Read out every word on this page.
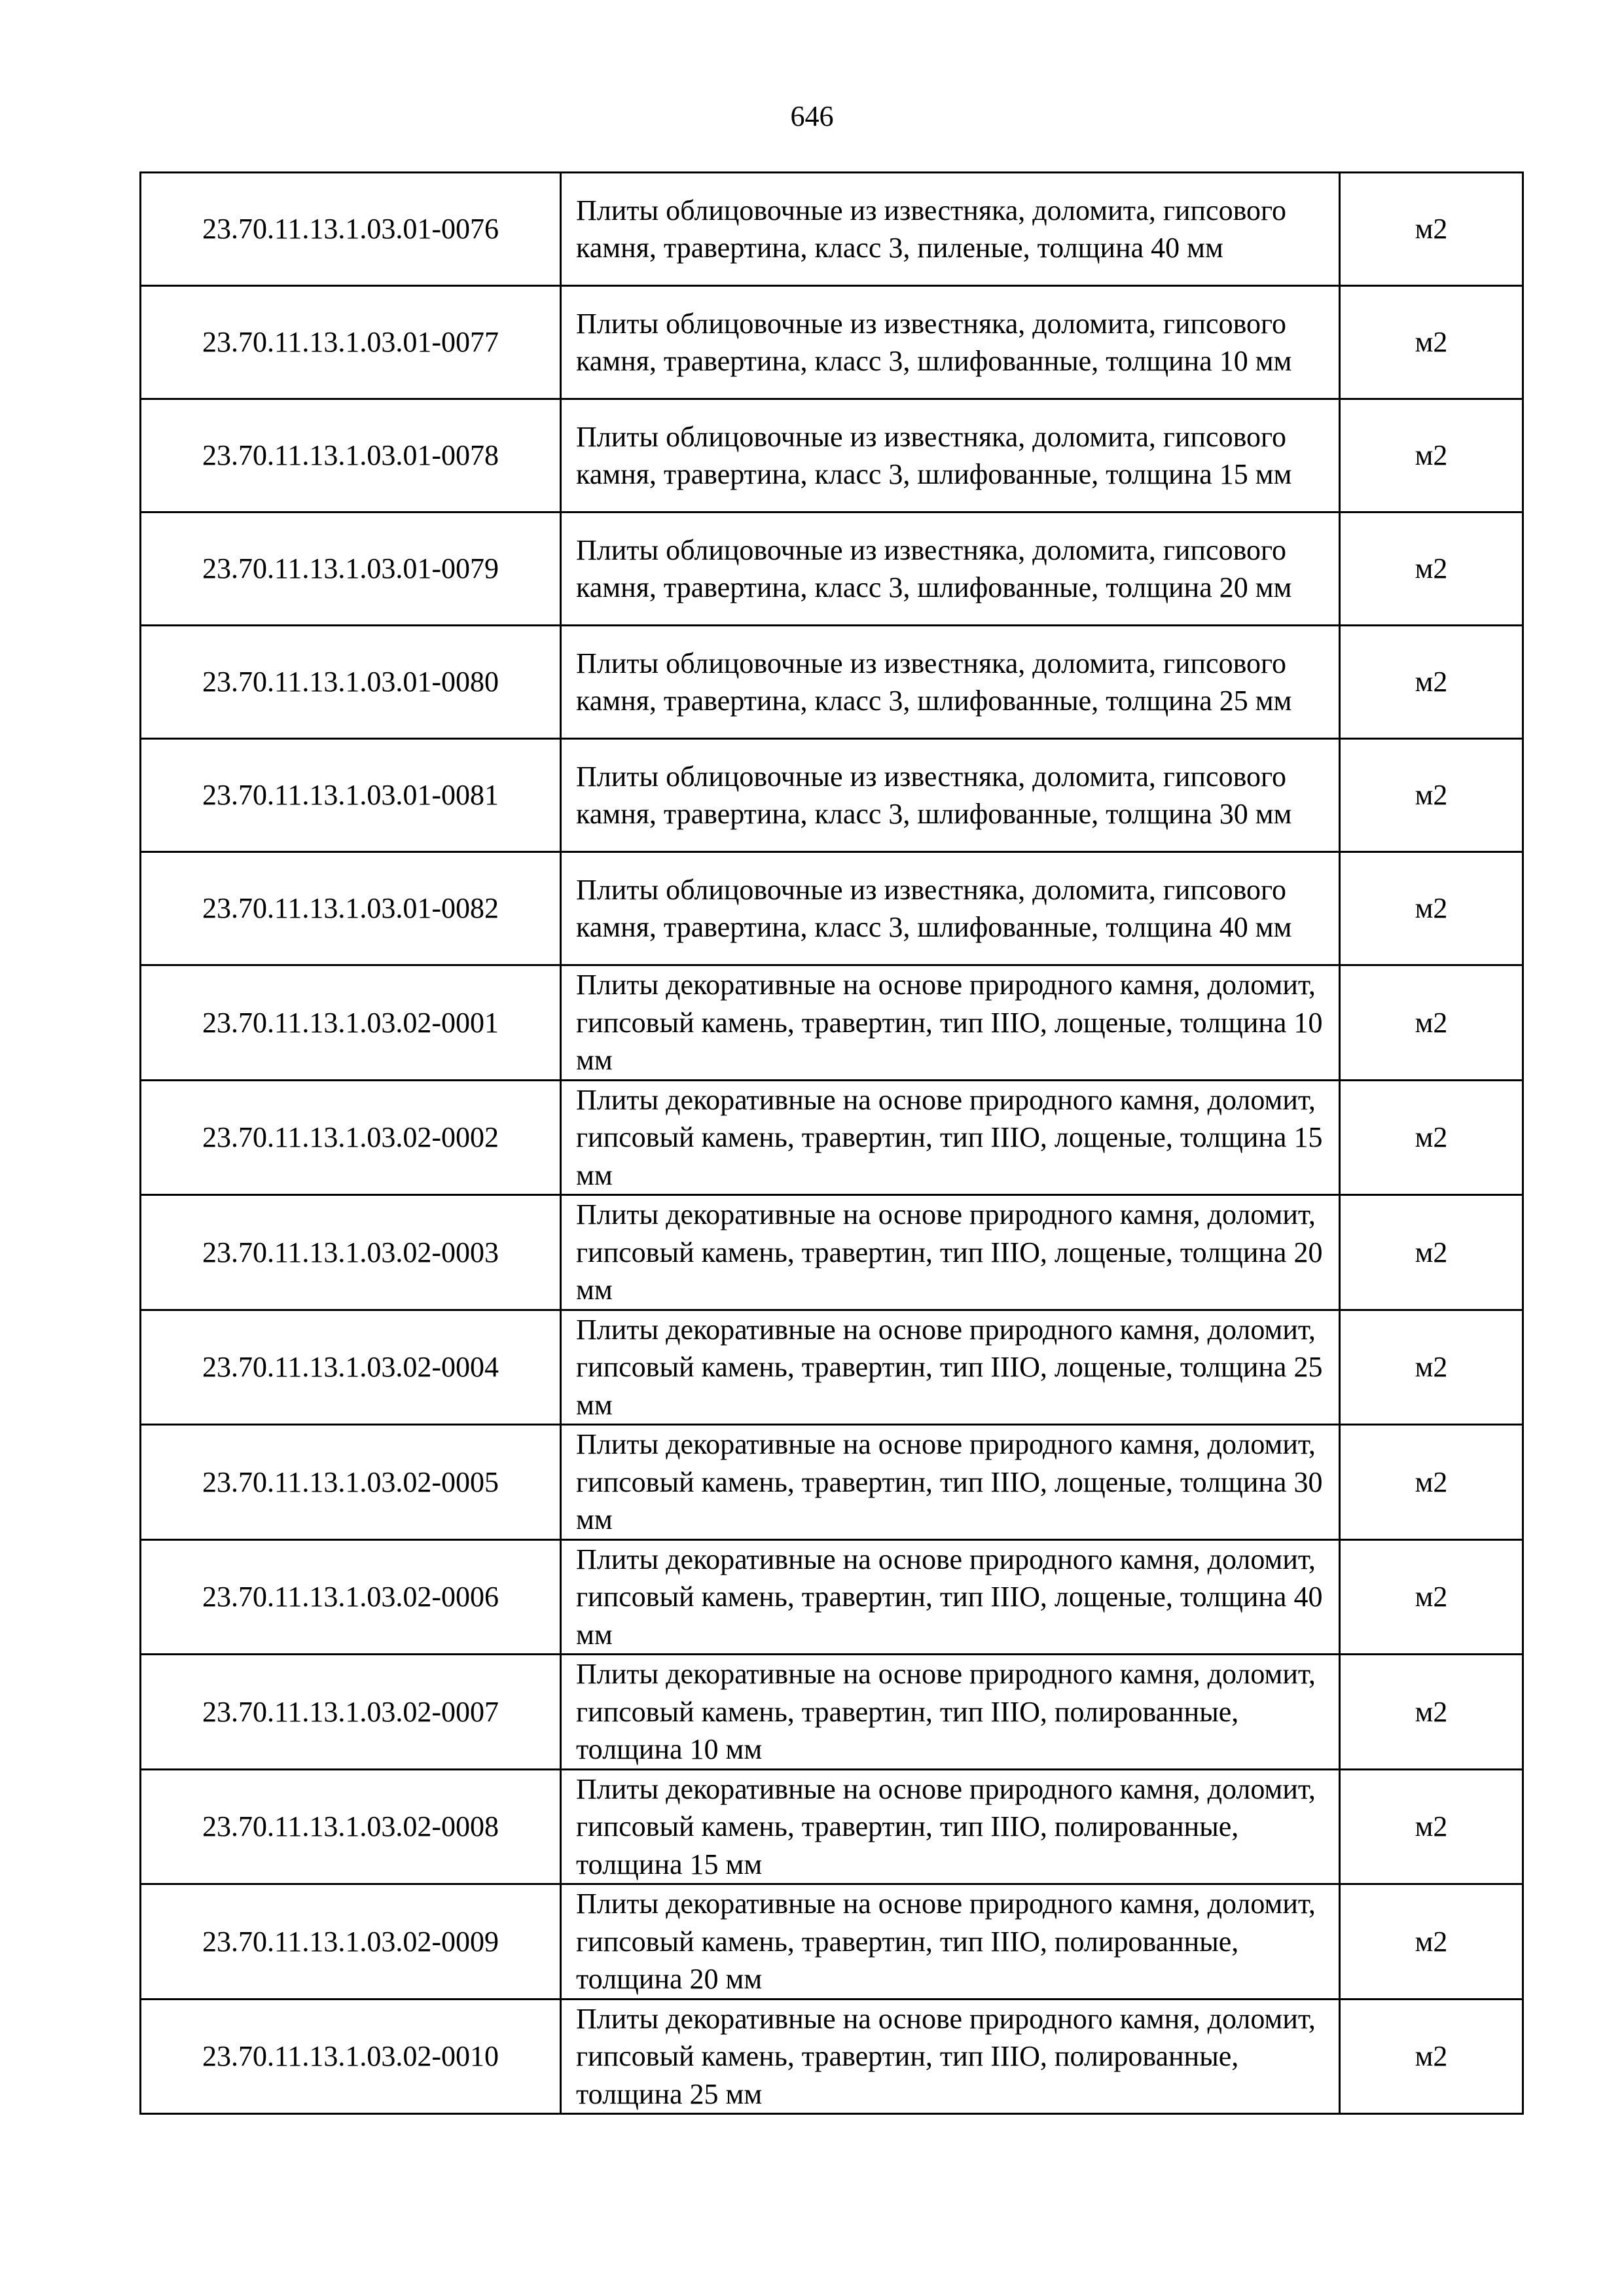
646
23.70.11.13.1.03.01-0076	Плиты облицовочные из известняка, доломита, гипсового камня, травертина, класс 3, пиленые, толщина 40 мм	м2
23.70.11.13.1.03.01-0077	Плиты облицовочные из известняка, доломита, гипсового камня, травертина, класс 3, шлифованные, толщина 10 мм	м2
23.70.11.13.1.03.01-0078	Плиты облицовочные из известняка, доломита, гипсового камня, травертина, класс 3, шлифованные, толщина 15 мм	м2
23.70.11.13.1.03.01-0079	Плиты облицовочные из известняка, доломита, гипсового камня, травертина, класс 3, шлифованные, толщина 20 мм	м2
23.70.11.13.1.03.01-0080	Плиты облицовочные из известняка, доломита, гипсового камня, травертина, класс 3, шлифованные, толщина 25 мм	м2
23.70.11.13.1.03.01-0081	Плиты облицовочные из известняка, доломита, гипсового камня, травертина, класс 3, шлифованные, толщина 30 мм	м2
23.70.11.13.1.03.01-0082	Плиты облицовочные из известняка, доломита, гипсового камня, травертина, класс 3, шлифованные, толщина 40 мм	м2
23.70.11.13.1.03.02-0001	Плиты декоративные на основе природного камня, доломит, гипсовый камень, травертин, тип IIIО, лощеные, толщина 10 мм	м2
23.70.11.13.1.03.02-0002	Плиты декоративные на основе природного камня, доломит, гипсовый камень, травертин, тип IIIО, лощеные, толщина 15 мм	м2
23.70.11.13.1.03.02-0003	Плиты декоративные на основе природного камня, доломит, гипсовый камень, травертин, тип IIIО, лощеные, толщина 20 мм	м2
23.70.11.13.1.03.02-0004	Плиты декоративные на основе природного камня, доломит, гипсовый камень, травертин, тип IIIО, лощеные, толщина 25 мм	м2
23.70.11.13.1.03.02-0005	Плиты декоративные на основе природного камня, доломит, гипсовый камень, травертин, тип IIIО, лощеные, толщина 30 мм	м2
23.70.11.13.1.03.02-0006	Плиты декоративные на основе природного камня, доломит, гипсовый камень, травертин, тип IIIО, лощеные, толщина 40 мм	м2
23.70.11.13.1.03.02-0007	Плиты декоративные на основе природного камня, доломит, гипсовый камень, травертин, тип IIIО, полированные, толщина 10 мм	м2
23.70.11.13.1.03.02-0008	Плиты декоративные на основе природного камня, доломит, гипсовый камень, травертин, тип IIIО, полированные, толщина 15 мм	м2
23.70.11.13.1.03.02-0009	Плиты декоративные на основе природного камня, доломит, гипсовый камень, травертин, тип IIIО, полированные, толщина 20 мм	м2
23.70.11.13.1.03.02-0010	Плиты декоративные на основе природного камня, доломит, гипсовый камень, травертин, тип IIIО, полированные, толщина 25 мм	м2
